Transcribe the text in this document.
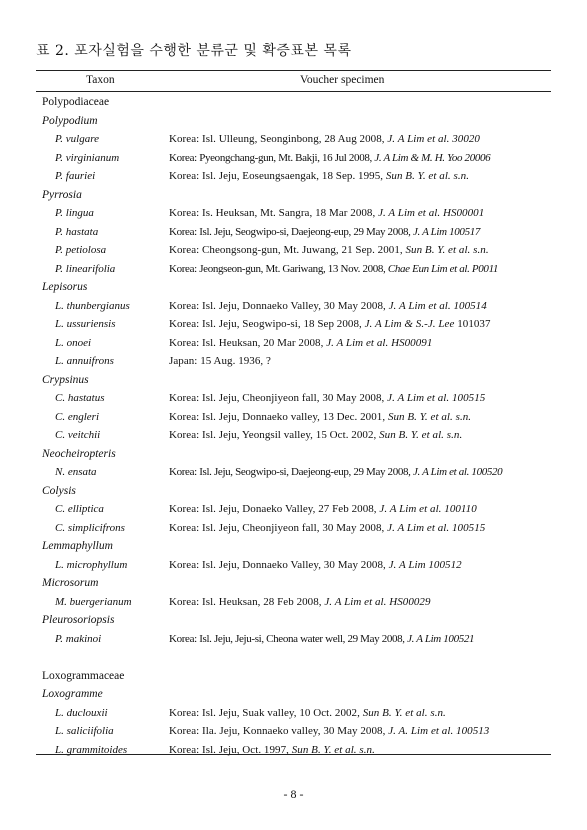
표 2. 포자실험을 수행한 분류군 및 확증표본 목록
Taxon	Voucher specimen
Polypodiaceae
Polypodium
P. vulgare	Korea: Isl. Ulleung, Seonginbong, 28 Aug 2008, J. A Lim et al. 30020
P. virginianum	Korea: Pyeongchang-gun, Mt. Bakji, 16 Jul 2008, J. A Lim & M. H. Yoo 20006
P. fauriei	Korea: Isl. Jeju, Eoseungsaengak, 18 Sep. 1995, Sun B. Y. et al. s.n.
Pyrrosia
P. lingua	Korea: Is. Heuksan, Mt. Sangra, 18 Mar 2008, J. A Lim et al. HS00001
P. hastata	Korea: Isl. Jeju, Seogwipo-si, Daejeong-eup, 29 May 2008, J. A Lim 100517
P. petiolosa	Korea: Cheongsong-gun, Mt. Juwang, 21 Sep. 2001, Sun B. Y. et al. s.n.
P. linearifolia	Korea: Jeongseon-gun, Mt. Gariwang, 13 Nov. 2008, Chae Eun Lim et al. P0011
Lepisorus
L. thunbergianus	Korea: Isl. Jeju, Donnaeko Valley, 30 May 2008, J. A Lim et al. 100514
L. ussuriensis	Korea: Isl. Jeju, Seogwipo-si, 18 Sep 2008, J. A Lim & S.-J. Lee 101037
L. onoei	Korea: Isl. Heuksan, 20 Mar 2008, J. A Lim et al. HS00091
L. annuifrons	Japan: 15 Aug. 1936, ?
Crypsinus
C. hastatus	Korea: Isl. Jeju, Cheonjiyeon fall, 30 May 2008, J. A Lim et al. 100515
C. engleri	Korea: Isl. Jeju, Donnaeko valley, 13 Dec. 2001, Sun B. Y. et al. s.n.
C. veitchii	Korea: Isl. Jeju, Yeongsil valley, 15 Oct. 2002, Sun B. Y. et al. s.n.
Neocheiropteris
N. ensata	Korea: Isl. Jeju, Seogwipo-si, Daejeong-eup, 29 May 2008, J. A Lim et al. 100520
Colysis
C. elliptica	Korea: Isl. Jeju, Donaeko Valley, 27 Feb 2008, J. A Lim et al. 100110
C. simplicifrons	Korea: Isl. Jeju, Cheonjiyeon fall, 30 May 2008, J. A Lim et al. 100515
Lemmaphyllum
L. microphyllum	Korea: Isl. Jeju, Donnaeko Valley, 30 May 2008, J. A Lim 100512
Microsorum
M. buergerianum	Korea: Isl. Heuksan, 28 Feb 2008, J. A Lim et al. HS00029
Pleurosoriopsis
P. makinoi	Korea: Isl. Jeju, Jeju-si, Cheona water well, 29 May 2008, J. A Lim 100521
Loxogrammaceae
Loxogramme
L. duclouxii	Korea: Isl. Jeju, Suak valley, 10 Oct. 2002, Sun B. Y. et al. s.n.
L. saliciifolia	Korea: Ila. Jeju, Konnaeko valley, 30 May 2008, J. A. Lim et al. 100513
L. grammitoides	Korea: Isl. Jeju, Oct. 1997, Sun B. Y. et al. s.n.
- 8 -
